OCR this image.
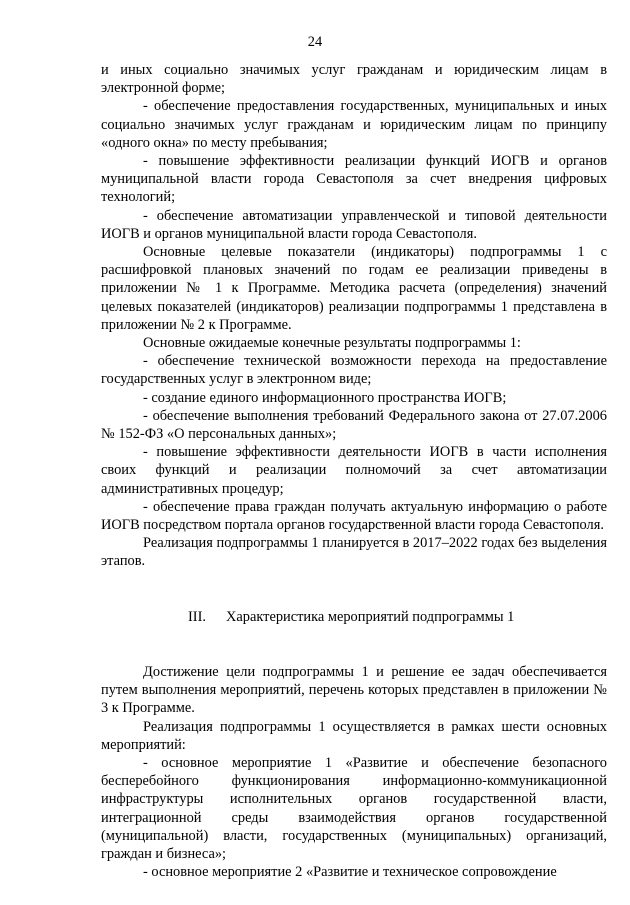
24

и иных социально значимых услуг гражданам и юридическим лицам в электронной форме;

- обеспечение предоставления государственных, муниципальных и иных социально значимых услуг гражданам и юридическим лицам по принципу «одного окна» по месту пребывания;

- повышение эффективности реализации функций ИОГВ и органов муниципальной власти города Севастополя за счет внедрения цифровых технологий;

- обеспечение автоматизации управленческой и типовой деятельности ИОГВ и органов муниципальной власти города Севастополя.

Основные целевые показатели (индикаторы) подпрограммы 1 с расшифровкой плановых значений по годам ее реализации приведены в приложении № 1 к Программе. Методика расчета (определения) значений целевых показателей (индикаторов) реализации подпрограммы 1 представлена в приложении № 2 к Программе.

Основные ожидаемые конечные результаты подпрограммы 1:

- обеспечение технической возможности перехода на предоставление государственных услуг в электронном виде;

- создание единого информационного пространства ИОГВ;

- обеспечение выполнения требований Федерального закона от 27.07.2006 № 152-ФЗ «О персональных данных»;

- повышение эффективности деятельности ИОГВ в части исполнения своих функций и реализации полномочий за счет автоматизации административных процедур;

- обеспечение права граждан получать актуальную информацию о работе ИОГВ посредством портала органов государственной власти города Севастополя.

Реализация подпрограммы 1 планируется в 2017–2022 годах без выделения этапов.

III. Характеристика мероприятий подпрограммы 1

Достижение цели подпрограммы 1 и решение ее задач обеспечивается путем выполнения мероприятий, перечень которых представлен в приложении № 3 к Программе.

Реализация подпрограммы 1 осуществляется в рамках шести основных мероприятий:

- основное мероприятие 1 «Развитие и обеспечение безопасного бесперебойного функционирования информационно-коммуникационной инфраструктуры исполнительных органов государственной власти, интеграционной среды взаимодействия органов государственной (муниципальной) власти, государственных (муниципальных) организаций, граждан и бизнеса»;

- основное мероприятие 2 «Развитие и техническое сопровождение
